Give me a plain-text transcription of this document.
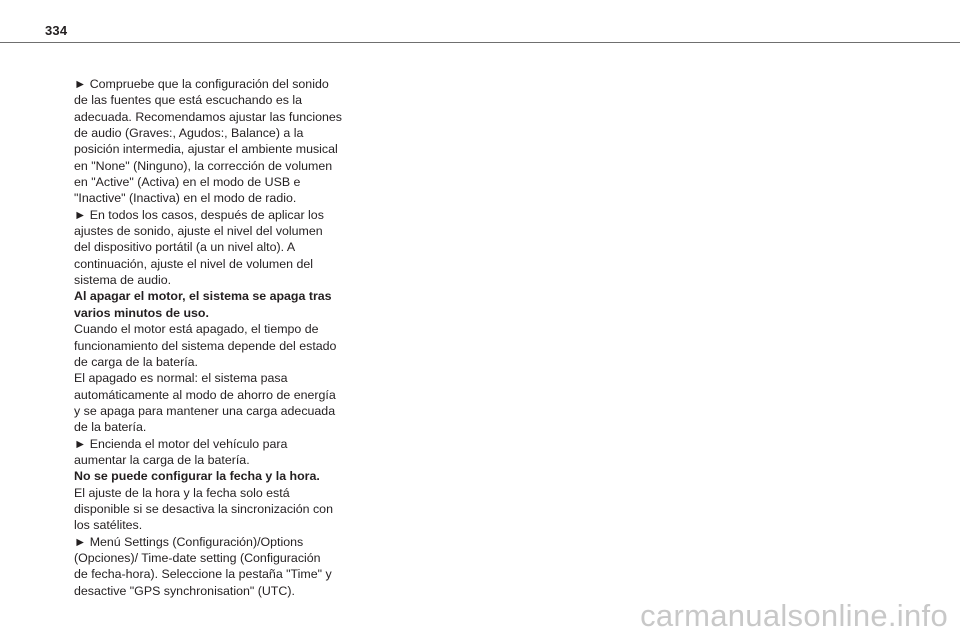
334

► Compruebe que la configuración del sonido
de las fuentes que está escuchando es la
adecuada. Recomendamos ajustar las funciones
de audio (Graves:, Agudos:, Balance) a la
posición intermedia, ajustar el ambiente musical
en "None" (Ninguno), la corrección de volumen
en "Active" (Activa) en el modo de USB e
"Inactive" (Inactiva) en el modo de radio.

► En todos los casos, después de aplicar los
ajustes de sonido, ajuste el nivel del volumen
del dispositivo portátil (a un nivel alto). A
continuación, ajuste el nivel de volumen del
sistema de audio.

Al apagar el motor, el sistema se apaga tras
varios minutos de uso.

Cuando el motor está apagado, el tiempo de
funcionamiento del sistema depende del estado
de carga de la batería.

El apagado es normal: el sistema pasa
automáticamente al modo de ahorro de energía
y se apaga para mantener una carga adecuada
de la batería.

► Encienda el motor del vehículo para
aumentar la carga de la batería.

No se puede configurar la fecha y la hora.

El ajuste de la hora y la fecha solo está
disponible si se desactiva la sincronización con
los satélites.

► Menú Settings (Configuración)/Options
(Opciones)/ Time-date setting (Configuración
de fecha-hora). Seleccione la pestaña "Time" y
desactive "GPS synchronisation" (UTC).

carmanualsonline.info
